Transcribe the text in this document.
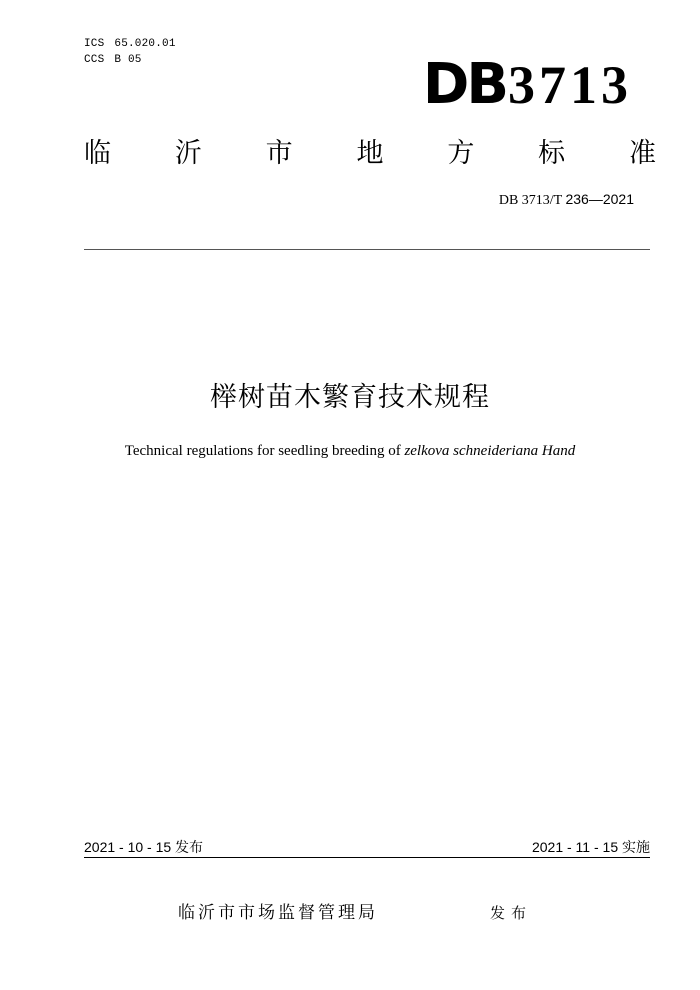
ICS 65.020.01
CCS B 05	DB 3713
临 沂 市 地 方 标 准
DB 3713/T 236—2021
榉树苗木繁育技术规程
Technical regulations for seedling breeding of zelkova schneideriana Hand
2021 - 10 - 15 发布	2021 - 11 - 15 实施
临沂市市场监督管理局	发布
